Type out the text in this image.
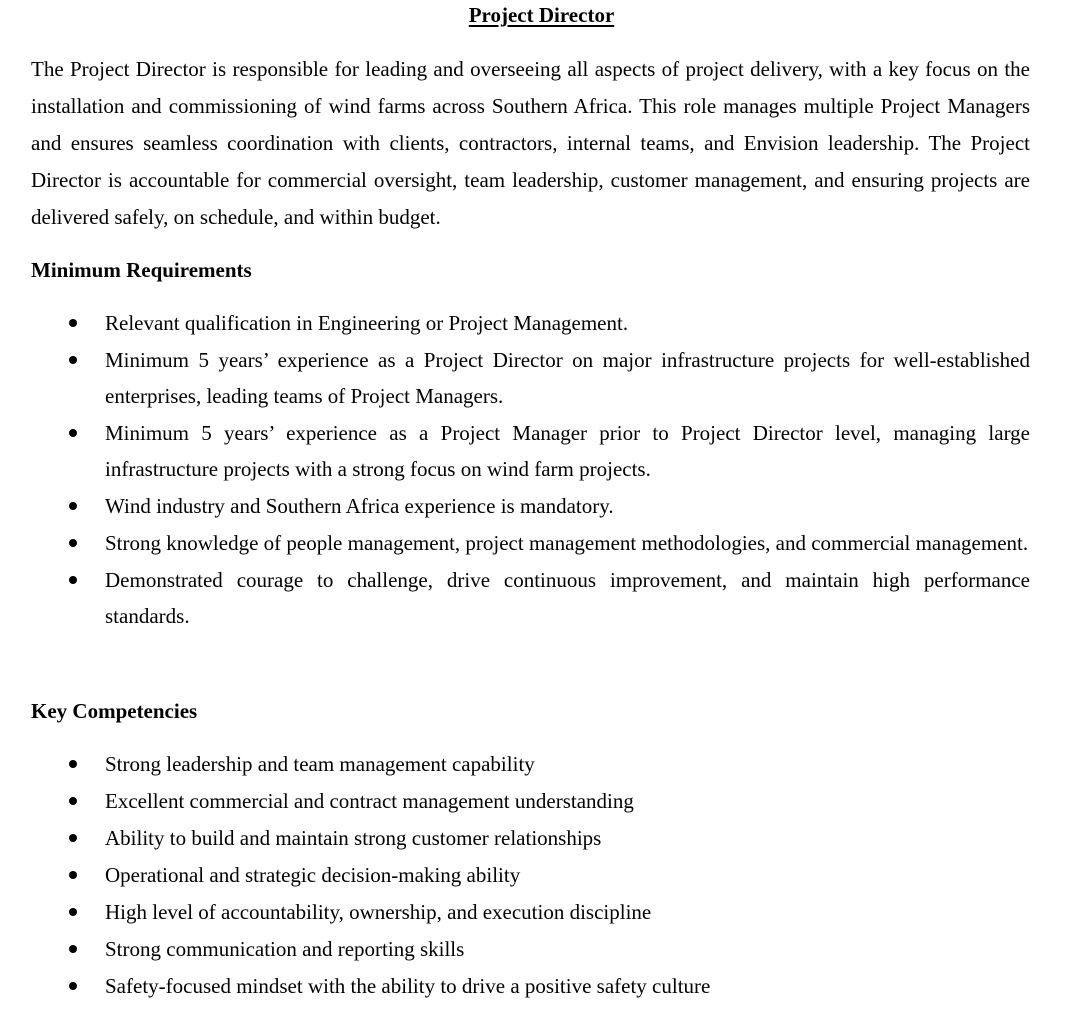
Project Director

The Project Director is responsible for leading and overseeing all aspects of project delivery, with a key focus on the installation and commissioning of wind farms across Southern Africa. This role manages multiple Project Managers and ensures seamless coordination with clients, contractors, internal teams, and Envision leadership. The Project Director is accountable for commercial oversight, team leadership, customer management, and ensuring projects are delivered safely, on schedule, and within budget.

Minimum Requirements
Relevant qualification in Engineering or Project Management.
Minimum 5 years’ experience as a Project Director on major infrastructure projects for well-established enterprises, leading teams of Project Managers.
Minimum 5 years’ experience as a Project Manager prior to Project Director level, managing large infrastructure projects with a strong focus on wind farm projects.
Wind industry and Southern Africa experience is mandatory.
Strong knowledge of people management, project management methodologies, and commercial management.
Demonstrated courage to challenge, drive continuous improvement, and maintain high performance standards.
Key Competencies
Strong leadership and team management capability
Excellent commercial and contract management understanding
Ability to build and maintain strong customer relationships
Operational and strategic decision-making ability
High level of accountability, ownership, and execution discipline
Strong communication and reporting skills
Safety-focused mindset with the ability to drive a positive safety culture
